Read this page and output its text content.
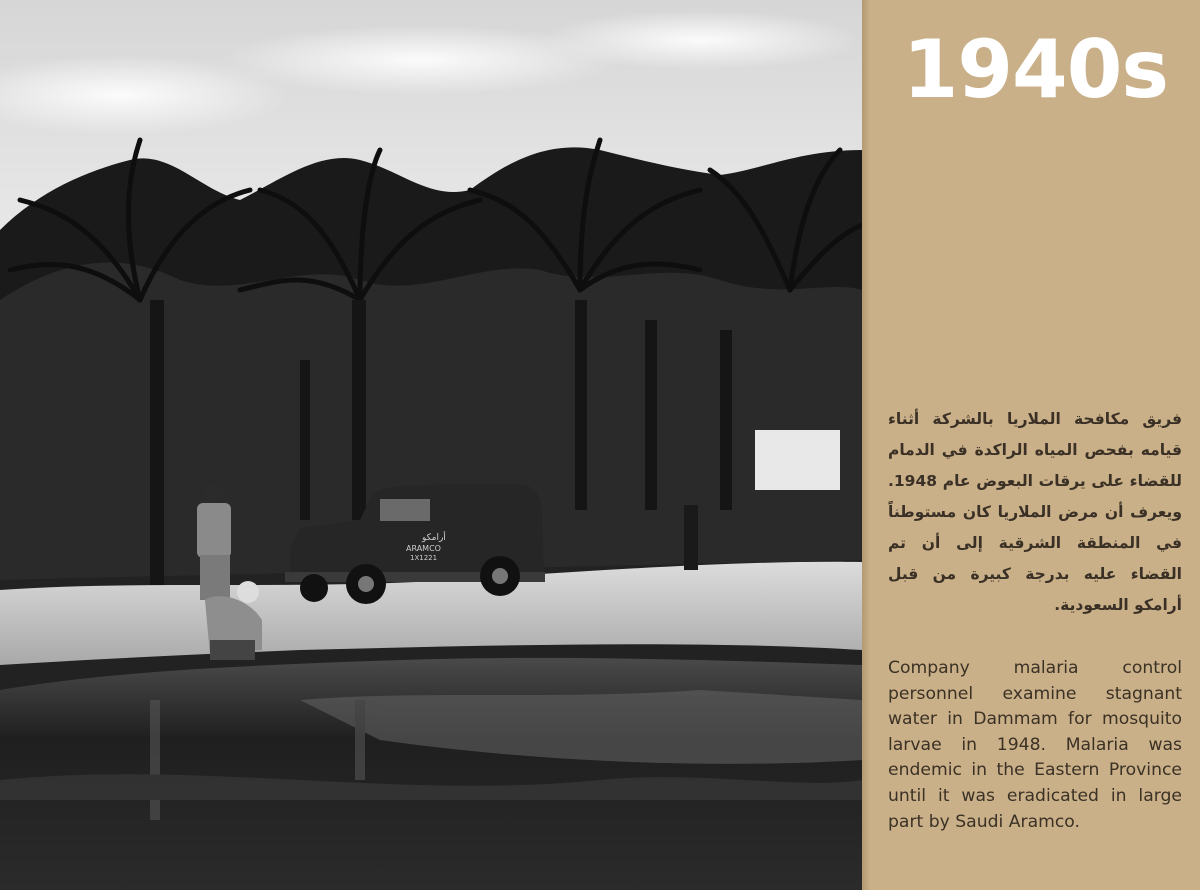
أرامكو
ARAMCO
1X1221
1940s
فريق مكافحة الملاريا بالشركة أثناء قيامه بفحص المياه الراكدة في الدمام للقضاء على يرقات البعوض عام 1948. ويعرف أن مرض الملاريا كان مستوطناً في المنطقة الشرقية إلى أن تم القضاء عليه بدرجة كبيرة من قبل أرامكو السعودية.
Company malaria control personnel examine stagnant water in Dammam for mosquito larvae in 1948. Malaria was endemic in the Eastern Province until it was eradicated in large part by Saudi Aramco.
